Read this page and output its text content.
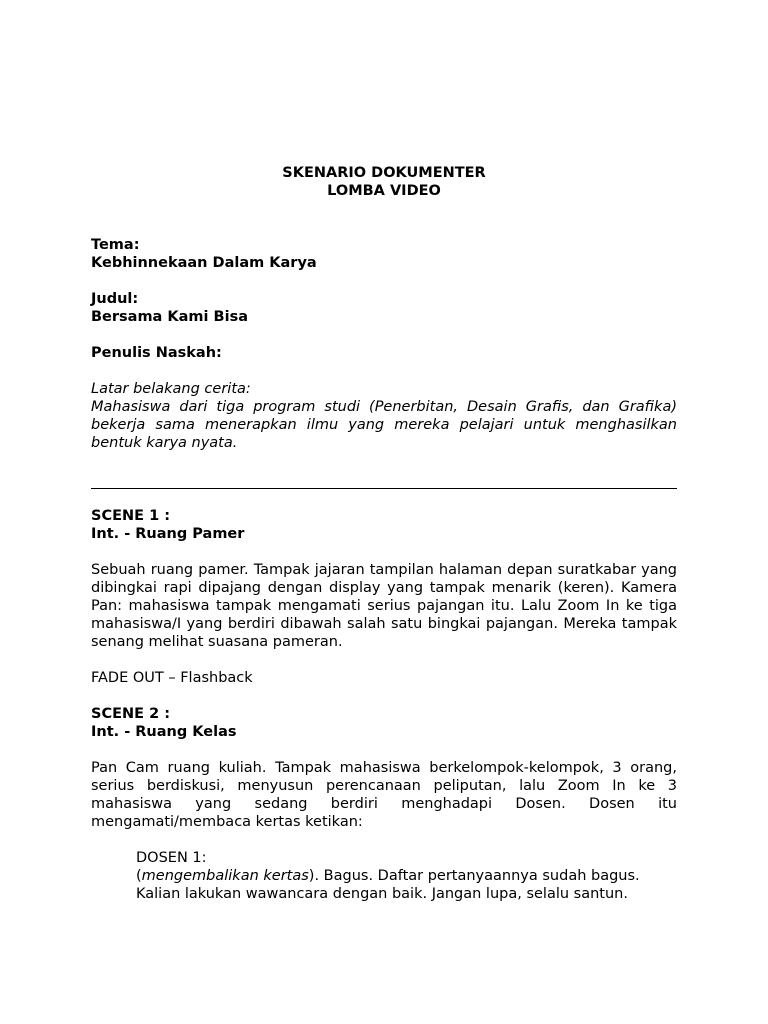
SKENARIO DOKUMENTER

LOMBA VIDEO

Tema:

Kebhinnekaan Dalam Karya

Judul:

Bersama Kami Bisa

Penulis Naskah:

Latar belakang cerita:

Mahasiswa dari tiga program studi (Penerbitan, Desain Grafis, dan Grafika) bekerja sama menerapkan ilmu yang mereka pelajari untuk menghasilkan bentuk karya nyata.

SCENE 1 :

Int. - Ruang Pamer

Sebuah ruang pamer. Tampak jajaran tampilan halaman depan suratkabar yang dibingkai rapi dipajang dengan display yang tampak menarik (keren). Kamera Pan: mahasiswa tampak mengamati serius pajangan itu. Lalu Zoom In ke tiga mahasiswa/I yang berdiri dibawah salah satu bingkai pajangan. Mereka tampak senang melihat suasana pameran.

FADE OUT – Flashback

SCENE 2 :

Int. - Ruang Kelas

Pan Cam ruang kuliah. Tampak mahasiswa berkelompok-kelompok, 3 orang, serius berdiskusi, menyusun perencanaan peliputan, lalu Zoom In ke 3 mahasiswa yang sedang berdiri menghadapi Dosen. Dosen itu mengamati/membaca kertas ketikan:

DOSEN 1:

(mengembalikan kertas). Bagus. Daftar pertanyaannya sudah bagus.

Kalian lakukan wawancara dengan baik. Jangan lupa, selalu santun.
